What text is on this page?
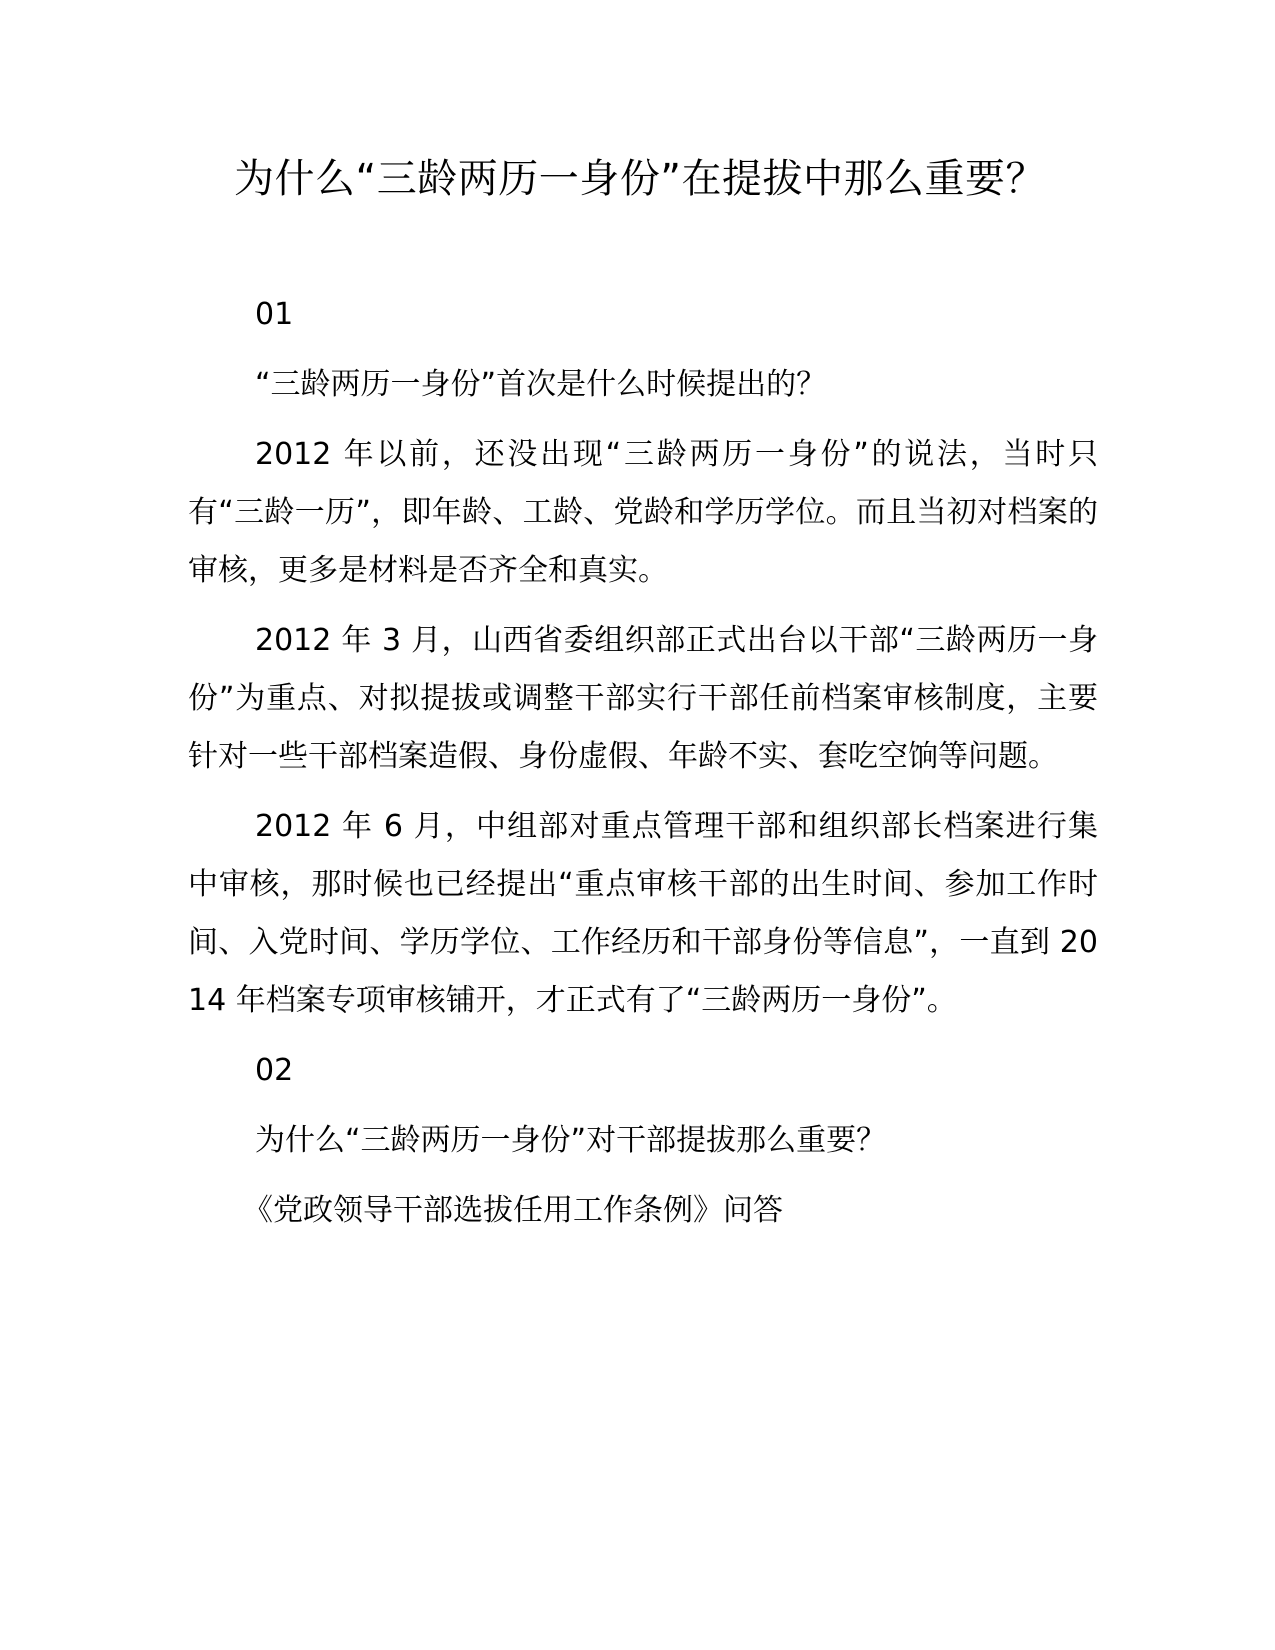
为什么“三龄两历一身份”在提拔中那么重要？

01

“三龄两历一身份”首次是什么时候提出的？

2012 年以前，还没出现“三龄两历一身份”的说法，当时只有“三龄一历”，即年龄、工龄、党龄和学历学位。而且当初对档案的审核，更多是材料是否齐全和真实。

2012 年 3 月，山西省委组织部正式出台以干部“三龄两历一身份”为重点、对拟提拔或调整干部实行干部任前档案审核制度，主要针对一些干部档案造假、身份虚假、年龄不实、套吃空饷等问题。

2012 年 6 月，中组部对重点管理干部和组织部长档案进行集中审核，那时候也已经提出“重点审核干部的出生时间、参加工作时间、入党时间、学历学位、工作经历和干部身份等信息”，一直到 2014 年档案专项审核铺开，才正式有了“三龄两历一身份”。

02

为什么“三龄两历一身份”对干部提拔那么重要？

《党政领导干部选拔任用工作条例》问答
